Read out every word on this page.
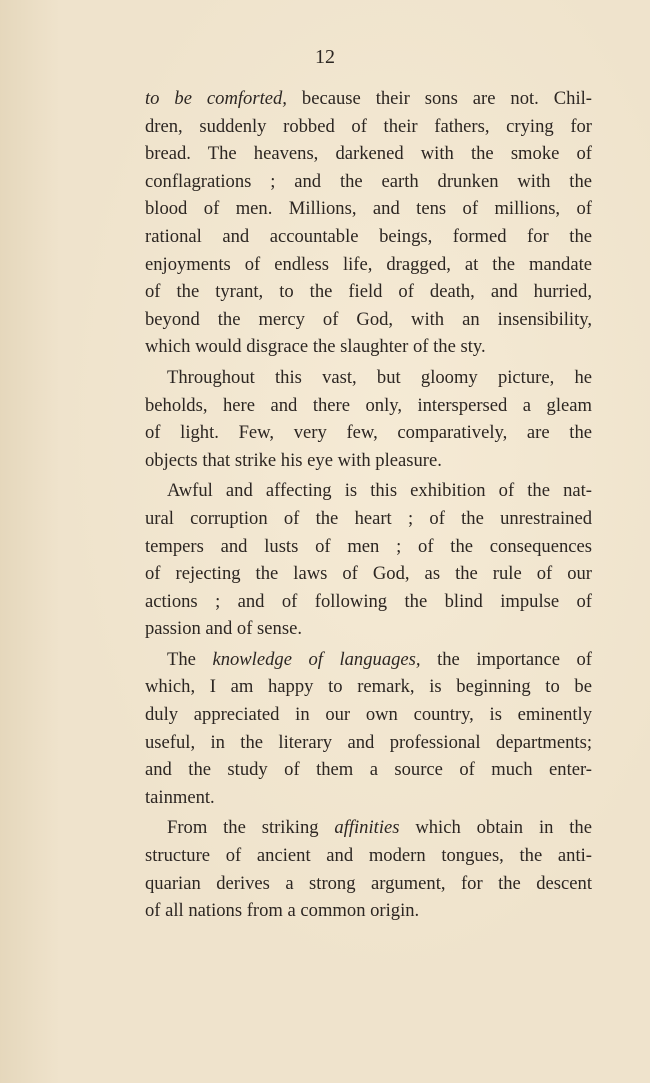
12
to be comforted, because their sons are not. Chil-
dren, suddenly robbed of their fathers, crying for
bread. The heavens, darkened with the smoke of
conflagrations ; and the earth drunken with the
blood of men. Millions, and tens of millions, of
rational and accountable beings, formed for the
enjoyments of endless life, dragged, at the mandate
of the tyrant, to the field of death, and hurried,
beyond the mercy of God, with an insensibility,
which would disgrace the slaughter of the sty.
Throughout this vast, but gloomy picture, he
beholds, here and there only, interspersed a gleam
of light. Few, very few, comparatively, are the
objects that strike his eye with pleasure.
Awful and affecting is this exhibition of the nat-
ural corruption of the heart ; of the unrestrained
tempers and lusts of men ; of the consequences
of rejecting the laws of God, as the rule of our
actions ; and of following the blind impulse of
passion and of sense.
The knowledge of languages, the importance of
which, I am happy to remark, is beginning to be
duly appreciated in our own country, is eminently
useful, in the literary and professional departments;
and the study of them a source of much enter-
tainment.
From the striking affinities which obtain in the
structure of ancient and modern tongues, the anti-
quarian derives a strong argument, for the descent
of all nations from a common origin.
